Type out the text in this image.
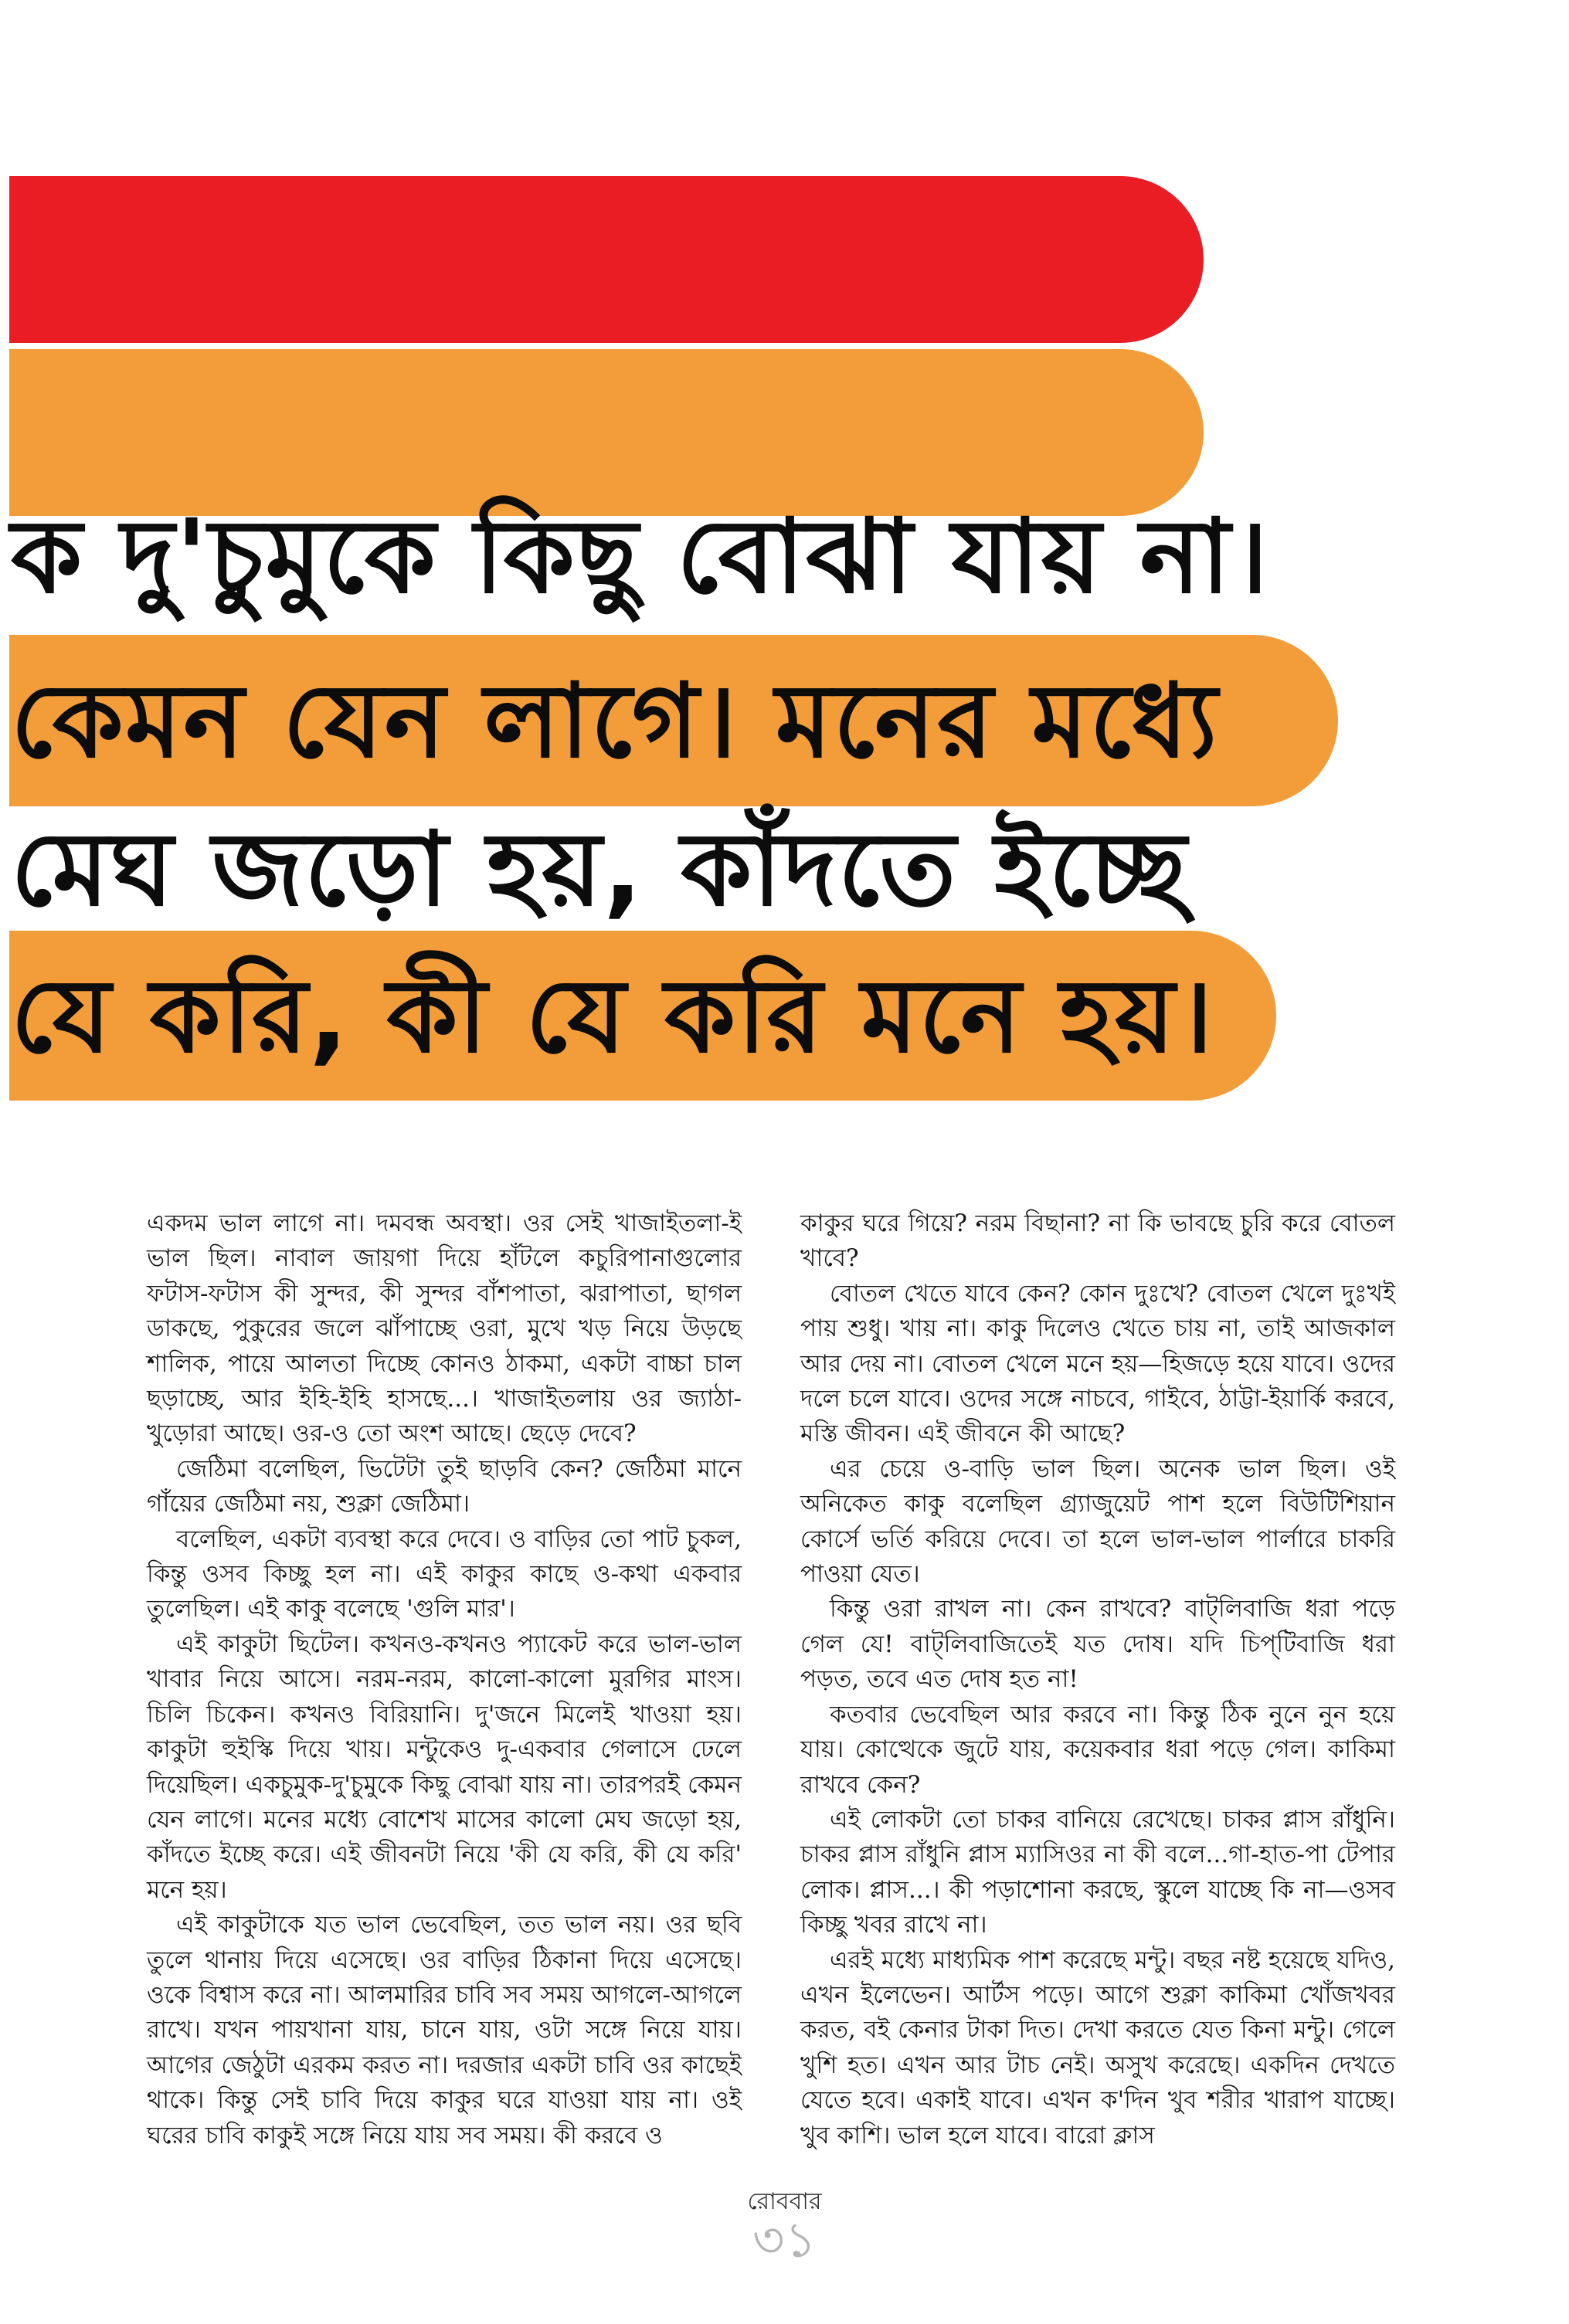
ক দু'চুমুকে কিছু বোঝা যায় না।

কেমন যেন লাগে। মনের মধ্যে

মেঘ জড়ো হয়, কাঁদতে ইচ্ছে

যে করি, কী যে করি মনে হয়।

একদম ভাল লাগে না। দমবন্ধ অবস্থা। ওর সেই খাজাইতলা-ই ভাল ছিল। নাবাল জায়গা দিয়ে হাঁটলে কচুরিপানাগুলোর ফটাস-ফটাস কী সুন্দর, কী সুন্দর বাঁশপাতা, ঝরাপাতা, ছাগল ডাকছে, পুকুরের জলে ঝাঁপাচ্ছে ওরা, মুখে খড় নিয়ে উড়ছে শালিক, পায়ে আলতা দিচ্ছে কোনও ঠাকমা, একটা বাচ্চা চাল ছড়াচ্ছে, আর ইহি-ইহি হাসছে...। খাজাইতলায় ওর জ্যাঠা-খুড়োরা আছে। ওর-ও তো অংশ আছে। ছেড়ে দেবে?

জেঠিমা বলেছিল, ভিটেটা তুই ছাড়বি কেন? জেঠিমা মানে গাঁয়ের জেঠিমা নয়, শুক্লা জেঠিমা।

বলেছিল, একটা ব্যবস্থা করে দেবে। ও বাড়ির তো পাট চুকল, কিন্তু ওসব কিচ্ছু হল না। এই কাকুর কাছে ও-কথা একবার তুলেছিল। এই কাকু বলেছে 'গুলি মার'।

এই কাকুটা ছিটেল। কখনও-কখনও প্যাকেট করে ভাল-ভাল খাবার নিয়ে আসে। নরম-নরম, কালো-কালো মুরগির মাংস। চিলি চিকেন। কখনও বিরিয়ানি। দু'জনে মিলেই খাওয়া হয়। কাকুটা হুইস্কি দিয়ে খায়। মন্টুকেও দু-একবার গেলাসে ঢেলে দিয়েছিল। একচুমুক-দু'চুমুকে কিছু বোঝা যায় না। তারপরই কেমন যেন লাগে। মনের মধ্যে বোশেখ মাসের কালো মেঘ জড়ো হয়, কাঁদতে ইচ্ছে করে। এই জীবনটা নিয়ে 'কী যে করি, কী যে করি' মনে হয়।

এই কাকুটাকে যত ভাল ভেবেছিল, তত ভাল নয়। ওর ছবি তুলে থানায় দিয়ে এসেছে। ওর বাড়ির ঠিকানা দিয়ে এসেছে। ওকে বিশ্বাস করে না। আলমারির চাবি সব সময় আগলে-আগলে রাখে। যখন পায়খানা যায়, চানে যায়, ওটা সঙ্গে নিয়ে যায়। আগের জেঠুটা এরকম করত না। দরজার একটা চাবি ওর কাছেই থাকে। কিন্তু সেই চাবি দিয়ে কাকুর ঘরে যাওয়া যায় না। ওই ঘরের চাবি কাকুই সঙ্গে নিয়ে যায় সব সময়। কী করবে ও

কাকুর ঘরে গিয়ে? নরম বিছানা? না কি ভাবছে চুরি করে বোতল খাবে?

বোতল খেতে যাবে কেন? কোন দুঃখে? বোতল খেলে দুঃখই পায় শুধু। খায় না। কাকু দিলেও খেতে চায় না, তাই আজকাল আর দেয় না। বোতল খেলে মনে হয়—হিজড়ে হয়ে যাবে। ওদের দলে চলে যাবে। ওদের সঙ্গে নাচবে, গাইবে, ঠাট্টা-ইয়ার্কি করবে, মস্তি জীবন। এই জীবনে কী আছে?

এর চেয়ে ও-বাড়ি ভাল ছিল। অনেক ভাল ছিল। ওই অনিকেত কাকু বলেছিল গ্র্যাজুয়েট পাশ হলে বিউটিশিয়ান কোর্সে ভর্তি করিয়ে দেবে। তা হলে ভাল-ভাল পার্লারে চাকরি পাওয়া যেত।

কিন্তু ওরা রাখল না। কেন রাখবে? বাট্‌লিবাজি ধরা পড়ে গেল যে! বাট্‌লিবাজিতেই যত দোষ। যদি চিপ্‌টিবাজি ধরা পড়ত, তবে এত দোষ হত না!

কতবার ভেবেছিল আর করবে না। কিন্তু ঠিক নুনে নুন হয়ে যায়। কোত্থেকে জুটে যায়, কয়েকবার ধরা পড়ে গেল। কাকিমা রাখবে কেন?

এই লোকটা তো চাকর বানিয়ে রেখেছে। চাকর প্লাস রাঁধুনি। চাকর প্লাস রাঁধুনি প্লাস ম্যাসিওর না কী বলে...গা-হাত-পা টেপার লোক। প্লাস...। কী পড়াশোনা করছে, স্কুলে যাচ্ছে কি না—ওসব কিচ্ছু খবর রাখে না।

এরই মধ্যে মাধ্যমিক পাশ করেছে মন্টু। বছর নষ্ট হয়েছে যদিও, এখন ইলেভেন। আর্টস পড়ে। আগে শুক্লা কাকিমা খোঁজখবর করত, বই কেনার টাকা দিত। দেখা করতে যেত কিনা মন্টু। গেলে খুশি হত। এখন আর টাচ নেই। অসুখ করেছে। একদিন দেখতে যেতে হবে। একাই যাবে। এখন ক'দিন খুব শরীর খারাপ যাচ্ছে। খুব কাশি। ভাল হলে যাবে। বারো ক্লাস

রোববার

৩১
